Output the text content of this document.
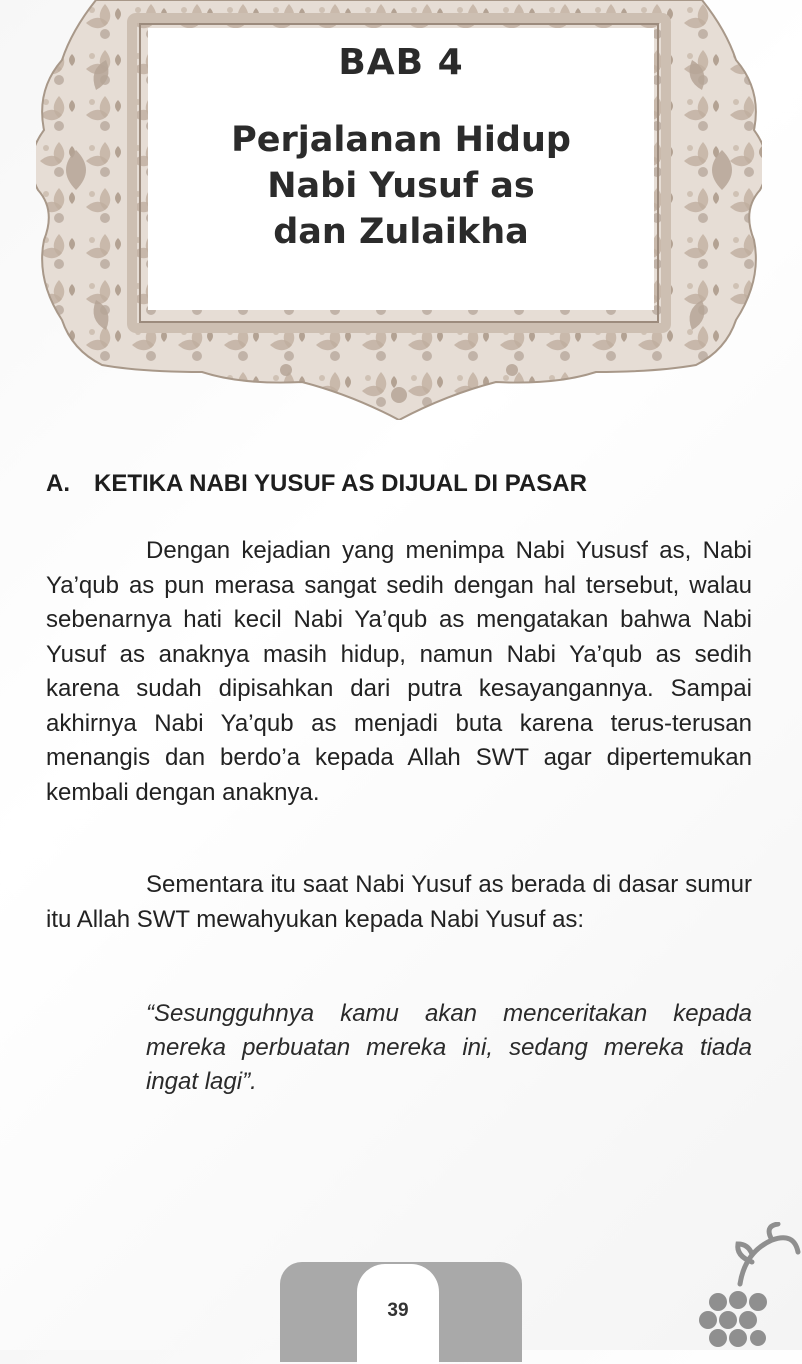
BAB 4
Perjalanan Hidup
Nabi Yusuf as
dan Zulaikha
A. KETIKA NABI YUSUF AS DIJUAL DI PASAR
Dengan kejadian yang menimpa Nabi Yususf as, Nabi Ya’qub as pun merasa sangat sedih dengan hal tersebut, walau sebenarnya hati kecil Nabi Ya’qub as mengatakan bahwa Nabi Yusuf as anaknya masih hidup, namun Nabi Ya’qub as sedih karena sudah dipisahkan dari putra kesayangannya. Sampai akhirnya Nabi Ya’qub as menjadi buta karena terus-terusan menangis dan berdo’a kepada Allah SWT agar dipertemukan kembali dengan anaknya.
Sementara itu saat Nabi Yusuf as berada di dasar sumur itu Allah SWT mewahyukan kepada Nabi Yusuf as:
“Sesungguhnya kamu akan menceritakan kepada mereka perbuatan mereka ini, sedang mereka tiada ingat lagi”.
39
